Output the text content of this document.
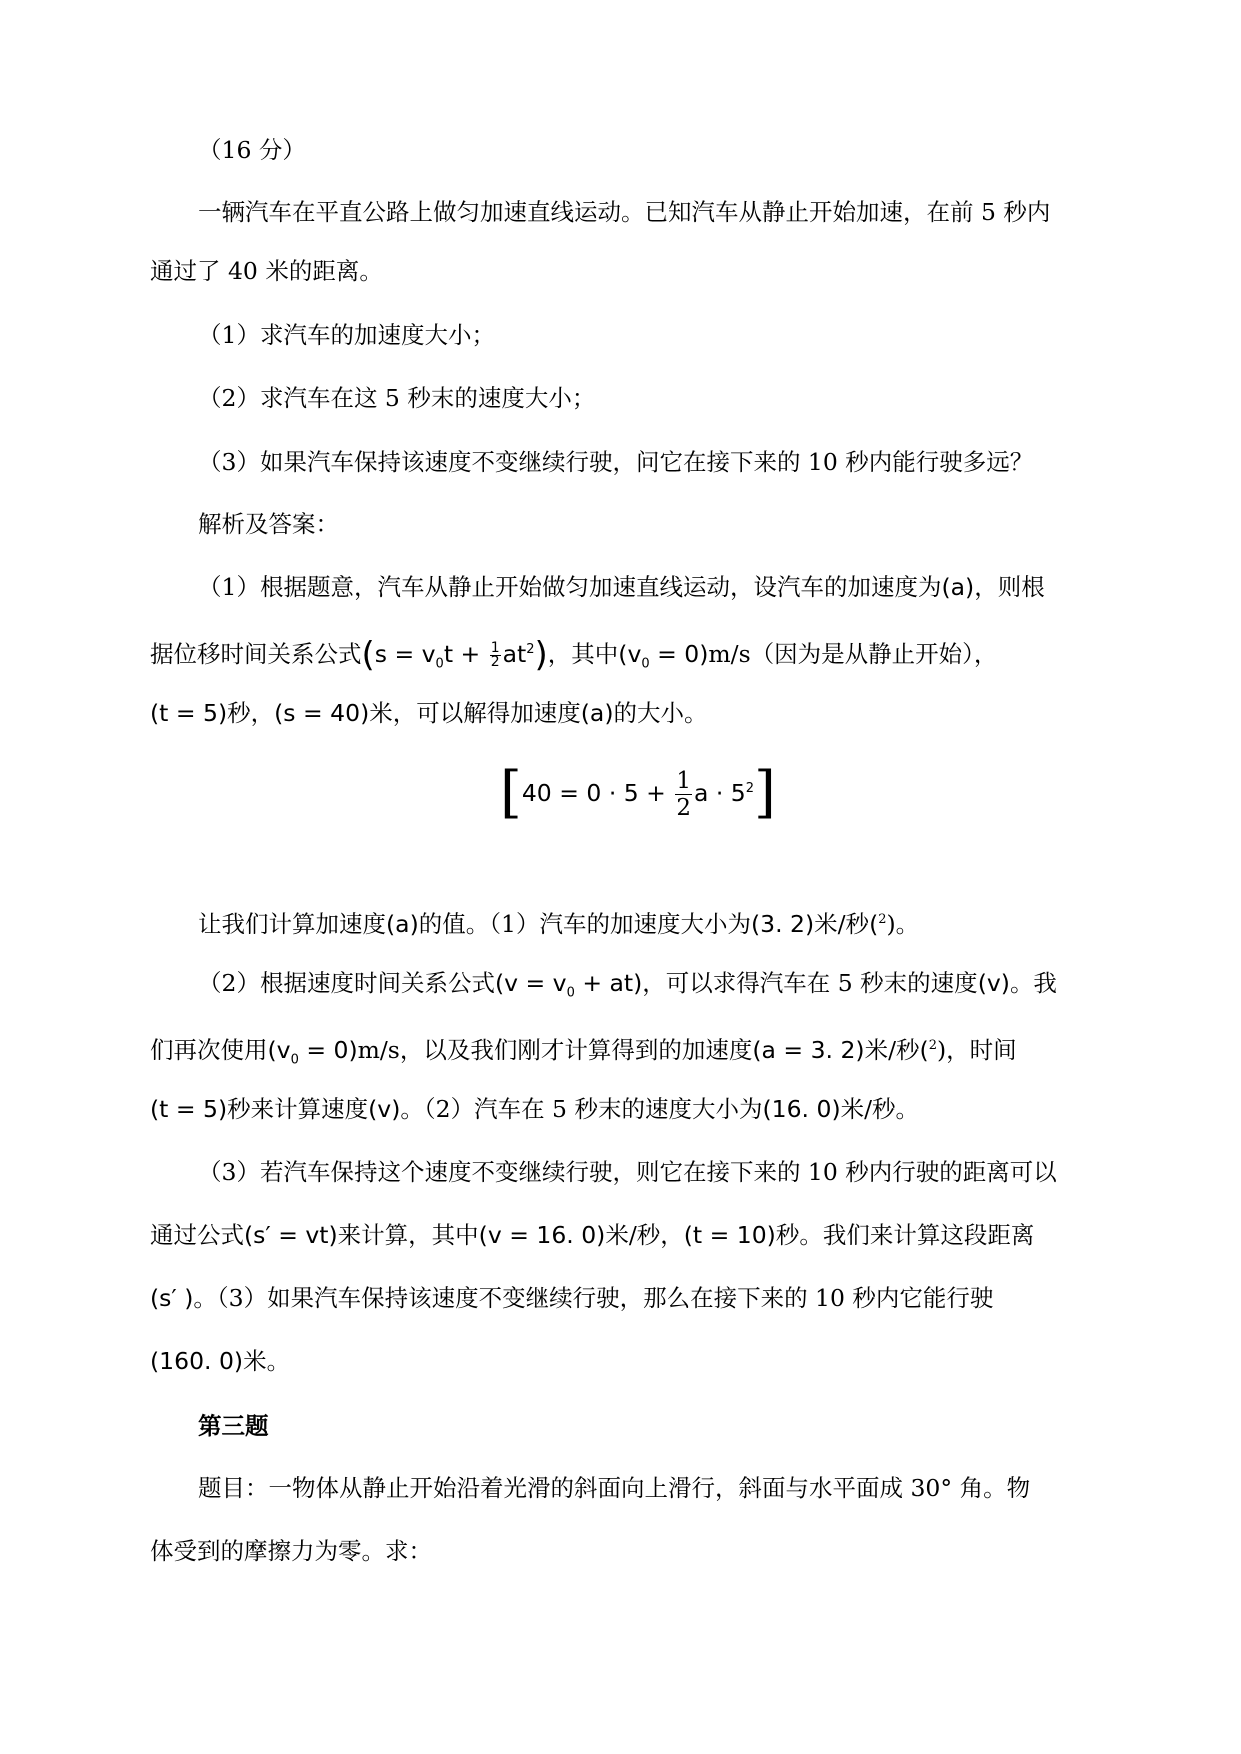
（16 分）
一辆汽车在平直公路上做匀加速直线运动。已知汽车从静止开始加速，在前 5 秒内
通过了 40 米的距离。
（1）求汽车的加速度大小；
（2）求汽车在这 5 秒末的速度大小；
（3）如果汽车保持该速度不变继续行驶，问它在接下来的 10 秒内能行驶多远？
解析及答案：
（1）根据题意，汽车从静止开始做匀加速直线运动，设汽车的加速度为(a)，则根
据位移时间关系公式$(s = v_0t + \frac{1}{2} at^2)$，其中$(v_0 = 0)m/s$（因为是从静止开始），
(t = 5)秒，(s = 40)米，可以解得加速度(a)的大小。
[$40 = 0 \cdot 5 + \frac{1}{2}$ $a \cdot 5^2$]
让我们计算加速度(a)的值。（1）汽车的加速度大小为(3. 2)米/秒($^2$)。
（2）根据速度时间关系公式$(v = v_0 + at)$，可以求得汽车在 5 秒末的速度(v)。我
们再次使用$(v_0 = 0)m/s$，以及我们刚才计算得到的加速度(a = 3. 2)米/秒($^2$)，时间
(t = 5)秒来计算速度(v)。（2）汽车在 5 秒末的速度大小为(16. 0)米/秒。
（3）若汽车保持这个速度不变继续行驶，则它在接下来的 10 秒内行驶的距离可以
通过公式(s′ = vt)来计算，其中(v = 16. 0)米/秒，(t = 10)秒。我们来计算这段距离
(s′ )。（3）如果汽车保持该速度不变继续行驶，那么在接下来的 10 秒内它能行驶
(160. 0)米。
第三题
题目：一物体从静止开始沿着光滑的斜面向上滑行，斜面与水平面成 30° 角。物
体受到的摩擦力为零。求：
